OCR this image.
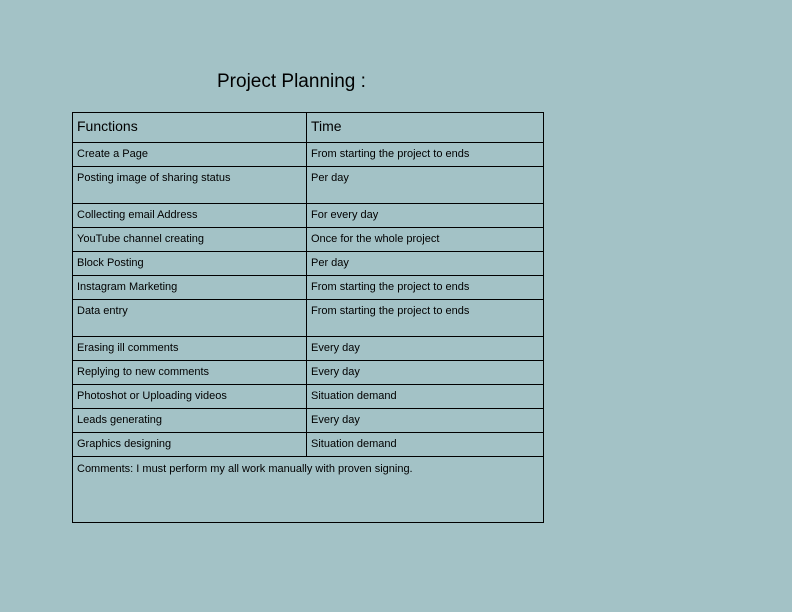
Project Planning :
Functions	Time
Create a Page	From starting the project to ends
Posting image of sharing status	Per day
Collecting email Address	For every day
YouTube channel creating	Once for the whole project
Block Posting	Per day
Instagram Marketing	From starting the project to ends
Data entry	From starting the project to ends
Erasing ill comments	Every day
Replying to new comments	Every day
Photoshot or Uploading videos	Situation demand
Leads generating	Every day
Graphics designing	Situation demand
Comments: I must perform my all work manually with proven signing.	
